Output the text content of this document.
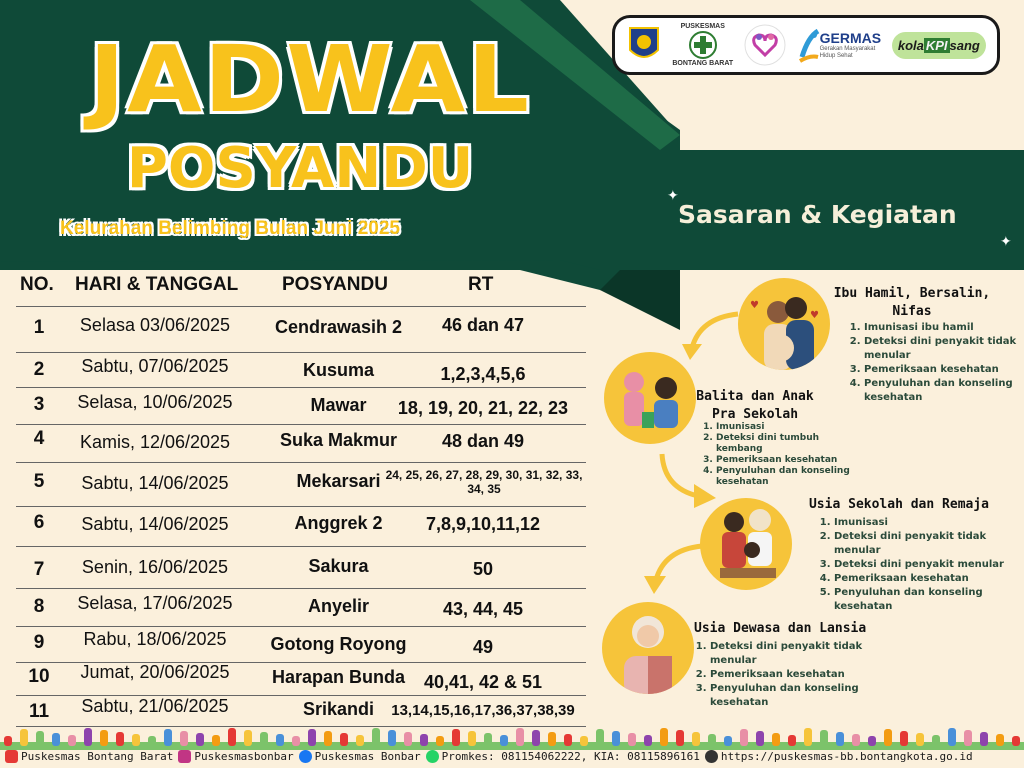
✦
✦
JADWAL
POSYANDU
Kelurahan Belimbing Bulan Juni 2025
PUSKESMAS
BONTANG BARAT
GERMAS
Gerakan Masyarakat Hidup Sehat
kola KPI sang
Sasaran & Kegiatan
NO. HARI & TANGGAL POSYANDU	RT
1	Selasa 03/06/2025	Cendrawasih 2	46 dan 47
2	Sabtu, 07/06/2025	Kusuma	1,2,3,4,5,6
3	Selasa, 10/06/2025	Mawar	18, 19, 20, 21, 22, 23
4	Kamis, 12/06/2025	Suka Makmur	48 dan 49
5	Sabtu, 14/06/2025	Mekarsari 24, 25, 26, 27, 28, 29, 30, 31, 32, 33, 34, 35
6	Sabtu, 14/06/2025	Anggrek 2	7,8,9,10,11,12
7	Senin, 16/06/2025	Sakura	50
8	Selasa, 17/06/2025	Anyelir	43, 44, 45
9	Rabu, 18/06/2025	Gotong Royong	49
10	Jumat, 20/06/2025	Harapan Bunda	40,41, 42 & 51
11	Sabtu, 21/06/2025	Srikandi	13,14,15,16,17,36,37,38,39
♥
♥
Ibu Hamil, Bersalin,
Nifas
1. Imunisasi ibu hamil
2. Deteksi dini penyakit tidak menular
3. Pemeriksaan kesehatan
4. Penyuluhan dan konseling kesehatan
Balita dan Anak
Pra Sekolah
1. Imunisasi
2. Deteksi dini tumbuh kembang
3. Pemeriksaan kesehatan
4. Penyuluhan dan konseling kesehatan
Usia Sekolah dan Remaja
1. Imunisasi
2. Deteksi dini penyakit tidak menular
3. Deteksi dini penyakit menular
4. Pemeriksaan kesehatan
5. Penyuluhan dan konseling kesehatan
Usia Dewasa dan Lansia
1. Deteksi dini penyakit tidak menular
2. Pemeriksaan kesehatan
3. Penyuluhan dan konseling kesehatan
Puskesmas Bontang Barat Puskesmasbonbar Puskesmas Bonbar Promkes: 081154062222, KIA: 08115896161 https://puskesmas-bb.bontangkota.go.id
